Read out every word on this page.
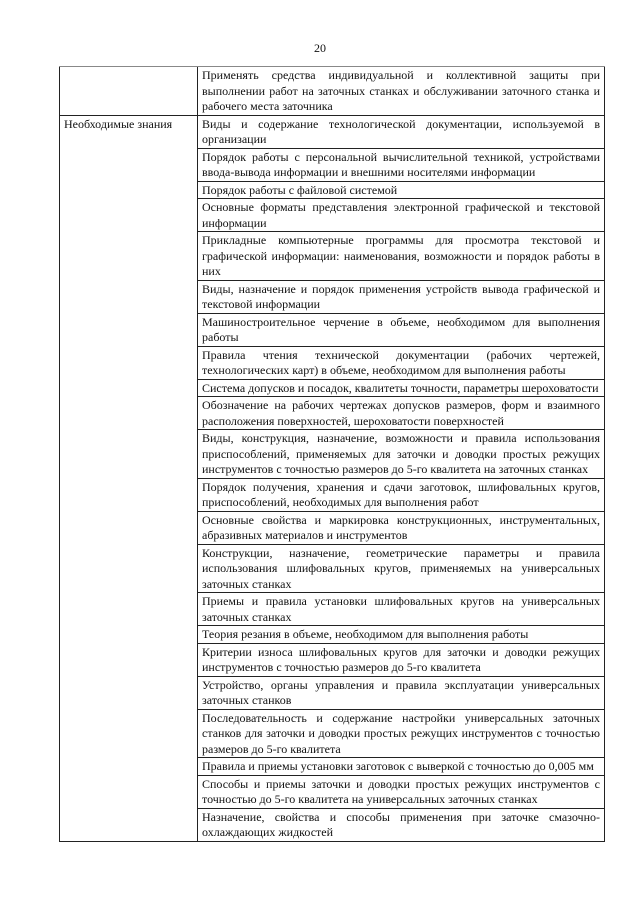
20
	Применять средства индивидуальной и коллективной защиты при выполнении работ на заточных станках и обслуживании заточного станка и рабочего места заточника
Необходимые знания	Виды и содержание технологической документации, используемой в организации
	Порядок работы с персональной вычислительной техникой, устройствами ввода-вывода информации и внешними носителями информации
	Порядок работы с файловой системой
	Основные форматы представления электронной графической и текстовой информации
	Прикладные компьютерные программы для просмотра текстовой и графической информации: наименования, возможности и порядок работы в них
	Виды, назначение и порядок применения устройств вывода графической и текстовой информации
	Машиностроительное черчение в объеме, необходимом для выполнения работы
	Правила чтения технической документации (рабочих чертежей, технологических карт) в объеме, необходимом для выполнения работы
	Система допусков и посадок, квалитеты точности, параметры шероховатости
	Обозначение на рабочих чертежах допусков размеров, форм и взаимного расположения поверхностей, шероховатости поверхностей
	Виды, конструкция, назначение, возможности и правила использования приспособлений, применяемых для заточки и доводки простых режущих инструментов с точностью размеров до 5-го квалитета на заточных станках
	Порядок получения, хранения и сдачи заготовок, шлифовальных кругов, приспособлений, необходимых для выполнения работ
	Основные свойства и маркировка конструкционных, инструментальных, абразивных материалов и инструментов
	Конструкции, назначение, геометрические параметры и правила использования шлифовальных кругов, применяемых на универсальных заточных станках
	Приемы и правила установки шлифовальных кругов на универсальных заточных станках
	Теория резания в объеме, необходимом для выполнения работы
	Критерии износа шлифовальных кругов для заточки и доводки режущих инструментов с точностью размеров до 5-го квалитета
	Устройство, органы управления и правила эксплуатации универсальных заточных станков
	Последовательность и содержание настройки универсальных заточных станков для заточки и доводки простых режущих инструментов с точностью размеров до 5-го квалитета
	Правила и приемы установки заготовок с выверкой с точностью до 0,005 мм
	Способы и приемы заточки и доводки простых режущих инструментов с точностью до 5-го квалитета на универсальных заточных станках
	Назначение, свойства и способы применения при заточке смазочно-охлаждающих жидкостей
